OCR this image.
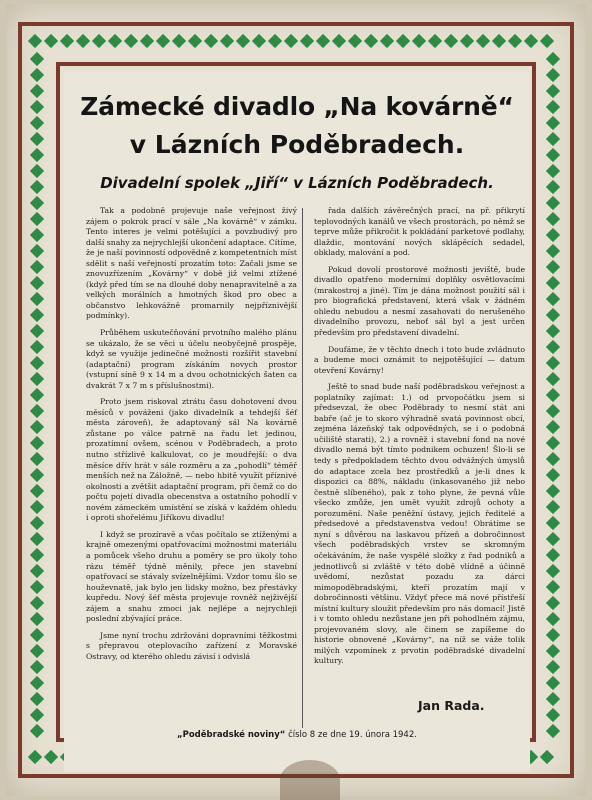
Zámecké divadlo „Na kovárně“
v Lázních Poděbradech.
Divadelní spolek „Jiří“ v Lázních Poděbradech.

Tak a podobně projevuje naše veřejnost živý zájem o pokrok prací v sále „Na kovárně“ v zámku. Tento interes je velmi potěšující a povzbudivý pro další snahy za nejrychlejší ukončení adaptace. Cítíme, že je naší povinností odpovědně z kompetentních míst sdělit s naší veřejností prozatím toto: Začali jsme se znovuzřízením „Kovárny“ v době již velmi ztížené (když před tím se na dlouhé doby nenapravitelně a za velkých morálních a hmotných škod pro obec a občanstvo lehkovážně promarnily nejpříznivější podmínky).

Průběhem uskutečňování prvotního malého plánu se ukázalo, že se věci u účelu neobyčejně prospěje, když se využije jedinečné možnosti rozšířit stavební (adaptační) program získáním novych prostor (vstupní síně 9 x 14 m a dvou ochotnických šaten ca dvakrát 7 x 7 m s příslušnostmi).

Proto jsem riskoval ztrátu času dohotovení dvou měsíců v pováženi (jako divadelník a tehdejší šéf města zároveň), že adaptovaný sál Na kovárně zůstane po válce patrně na řadu let jedinou, prozatímní ovšem, scénou v Poděbradech, a proto nutno střízlivě kalkulovat, co je moudřejší: o dva měsíce dřív hrát v sále rozměru a za „pohodlí“ téměř menších než na Záložně, — nebo hbitě využít příznivé okolnosti a zvětšit adaptační program, při čemž co do počtu pojetí divadla obecenstva a ostatního pohodlí v novém zámeckém umístění se získá v každém ohledu i oproti shořelému Jiříkovu divadlu!

I když se prozíravě a včas počítalo se ztíženými a krajně omezenými opatřovacími možnostmi materiálu a pomůcek všeho druhu a poměry se pro úkoly toho rázu téměř týdně měnily, přece jen stavební opatřovací se stávaly svízelnějšími. Vzdor tomu šlo se houževnatě, jak bylo jen lidsky možno, bez přestávky kupředu. Nový šéf města projevuje rovněž nejživější zájem a snahu zmoci jak nejlépe a nejrychleji poslední zbývající práce.

Jsme nyní trochu zdržováni dopravními těžkostmi s přepravou oteplovacího zařízení z Moravské Ostravy, od kterého ohledu závisí i odvislá

řada dalších závěrečných prací, na př. přikrytí teplovodných kanálů ve všech prostorách, po němž se teprve může přikročit k pokládání parketové podlahy, dlaždic, montování nových sklápěcích sedadel, obklady, malování a pod.

Pokud dovolí prostorové možnosti jeviště, bude divadlo opatřeno moderními doplňky osvětlovacími (mrakostroj a jiné). Tím je dána možnost použití sál i pro biografická představení, která však v žádném ohledu nebudou a nesmí zasahovati do nerušeného divadelního provozu, neboť sál byl a jest určen především pro představení divadelní.

Doufáme, že v těchto dnech i toto bude zvládnuto a budeme moci oznámit to nejpotěšující — datum otevření Kovárny!

Ještě to snad bude naší poděbradskou veřejnost a poplatníky zajímat: 1.) od prvopočátku jsem si předsevzal, že obec Poděbrady to nesmí stát ani babře (ač je to skoro výhradně svatá povinnost obcí, zejména lázeňský tak odpovědných, se i o podobná učiliště starati), 2.) a rovněž i stavební fond na nové divadlo nemá být tímto podnikem ochuzen! Šlo-li se tedy s předpokladem těchto dvou odvážných úmyslů do adaptace zcela bez prostředků a je-li dnes k dispozici ca 88%, nákladu (inkasovaného již nebo čestně slíbeného), pak z toho plyne, že pevná vůle všecko zmůže, jen umět využít zdrojů ochoty a porozumění. Naše peněžní ústavy, jejich ředitelé a předsedové a představenstva vedou! Obrátíme se nyní s důvěrou na laskavou přízeň a dobročinnost všech poděbradských vrstev se skromným očekáváním, že naše vyspělé složky z řad podniků a jednotlivců si zvláště v této době vlídně a účinně uvědomí, nezůstat pozadu za dárci mimopoděbradskými, kteří prozatím mají v dobročinnosti většinu. Vždyť přece má nové přístřeší místní kultury sloužit především pro nás domací! Jistě i v tomto ohledu nezůstane jen při pohodlném zájmu, projevovaném slovy, ale činem se zapíšeme do historie obnovené „Kovárny“, na níž se váže tolik milých vzpomínek z prvotin poděbradské divadelní kultury.

Jan Rada.
„Poděbradské noviny“ číslo 8 ze dne 19. února 1942.
